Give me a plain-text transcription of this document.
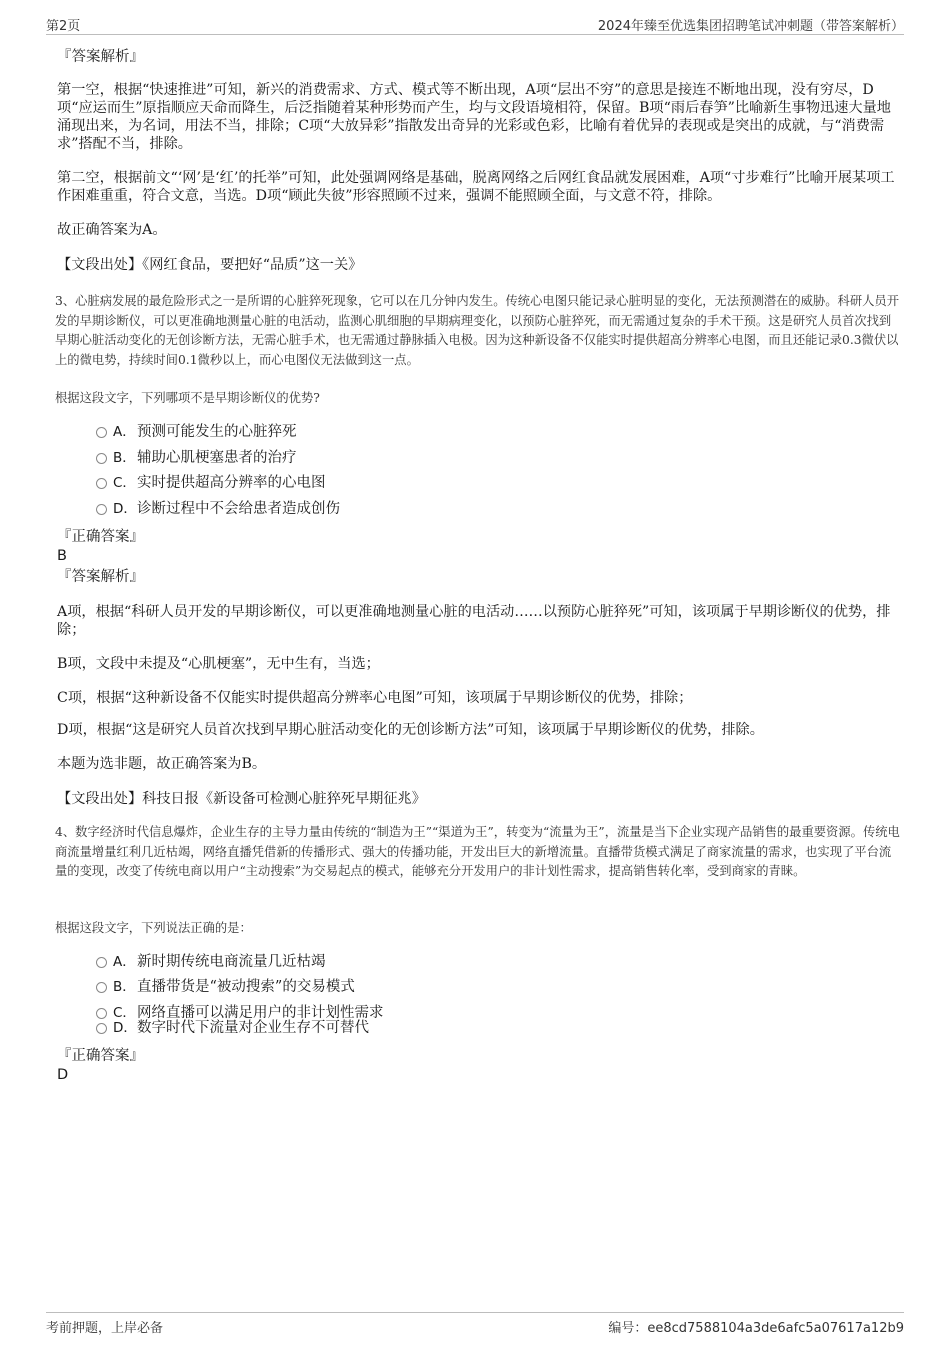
第2页	2024年臻至优选集团招聘笔试冲刺题（带答案解析）
『答案解析』
第一空，根据“快速推进”可知，新兴的消费需求、方式、模式等不断出现，A项“层出不穷”的意思是接连不断地出现，没有穷尽，D项“应运而生”原指顺应天命而降生，后泛指随着某种形势而产生，均与文段语境相符，保留。B项“雨后春笋”比喻新生事物迅速大量地涌现出来，为名词，用法不当，排除；C项“大放异彩”指散发出奇异的光彩或色彩，比喻有着优异的表现或是突出的成就，与“消费需求”搭配不当，排除。
第二空，根据前文“‘网’是‘红’的托举”可知，此处强调网络是基础，脱离网络之后网红食品就发展困难，A项“寸步难行”比喻开展某项工作困难重重，符合文意，当选。D项“顾此失彼”形容照顾不过来，强调不能照顾全面，与文意不符，排除。
故正确答案为A。
【文段出处】《网红食品，要把好“品质”这一关》
3、心脏病发展的最危险形式之一是所谓的心脏猝死现象，它可以在几分钟内发生。传统心电图只能记录心脏明显的变化，无法预测潜在的威胁。科研人员开发的早期诊断仪，可以更准确地测量心脏的电活动，监测心肌细胞的早期病理变化，以预防心脏猝死，而无需通过复杂的手术干预。这是研究人员首次找到早期心脏活动变化的无创诊断方法，无需心脏手术，也无需通过静脉插入电极。因为这种新设备不仅能实时提供超高分辨率心电图，而且还能记录0.3微伏以上的微电势，持续时间0.1微秒以上，而心电图仪无法做到这一点。
根据这段文字，下列哪项不是早期诊断仪的优势?
A．预测可能发生的心脏猝死
B．辅助心肌梗塞患者的治疗
C．实时提供超高分辨率的心电图
D．诊断过程中不会给患者造成创伤
『正确答案』
B
『答案解析』
A项，根据“科研人员开发的早期诊断仪，可以更准确地测量心脏的电活动……以预防心脏猝死”可知，该项属于早期诊断仪的优势，排除；
B项，文段中未提及“心肌梗塞”，无中生有，当选；
C项，根据“这种新设备不仅能实时提供超高分辨率心电图”可知，该项属于早期诊断仪的优势，排除；
D项，根据“这是研究人员首次找到早期心脏活动变化的无创诊断方法”可知，该项属于早期诊断仪的优势，排除。
本题为选非题，故正确答案为B。
【文段出处】科技日报《新设备可检测心脏猝死早期征兆》
4、数字经济时代信息爆炸，企业生存的主导力量由传统的“制造为王”“渠道为王”，转变为“流量为王”，流量是当下企业实现产品销售的最重要资源。传统电商流量增量红利几近枯竭，网络直播凭借新的传播形式、强大的传播功能，开发出巨大的新增流量。直播带货模式满足了商家流量的需求，也实现了平台流量的变现，改变了传统电商以用户“主动搜索”为交易起点的模式，能够充分开发用户的非计划性需求，提高销售转化率，受到商家的青睐。
根据这段文字，下列说法正确的是：
A．新时期传统电商流量几近枯竭
B．直播带货是“被动搜索”的交易模式
C．网络直播可以满足用户的非计划性需求
D．数字时代下流量对企业生存不可替代
『正确答案』
D
考前押题，上岸必备	编号：ee8cd7588104a3de6afc5a07617a12b9
